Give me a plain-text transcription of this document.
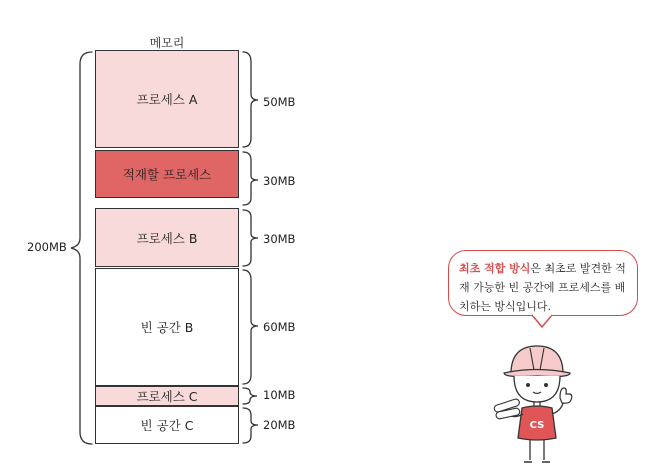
메모리
프로세스 A
적재할 프로세스
프로세스 B
빈 공간 B
프로세스 C
빈 공간 C
50MB
30MB
30MB
60MB
10MB
20MB
200MB
최초 적합 방식은 최초로 발견한 적재 가능한 빈 공간에 프로세스를 배치하는 방식입니다.
CS
